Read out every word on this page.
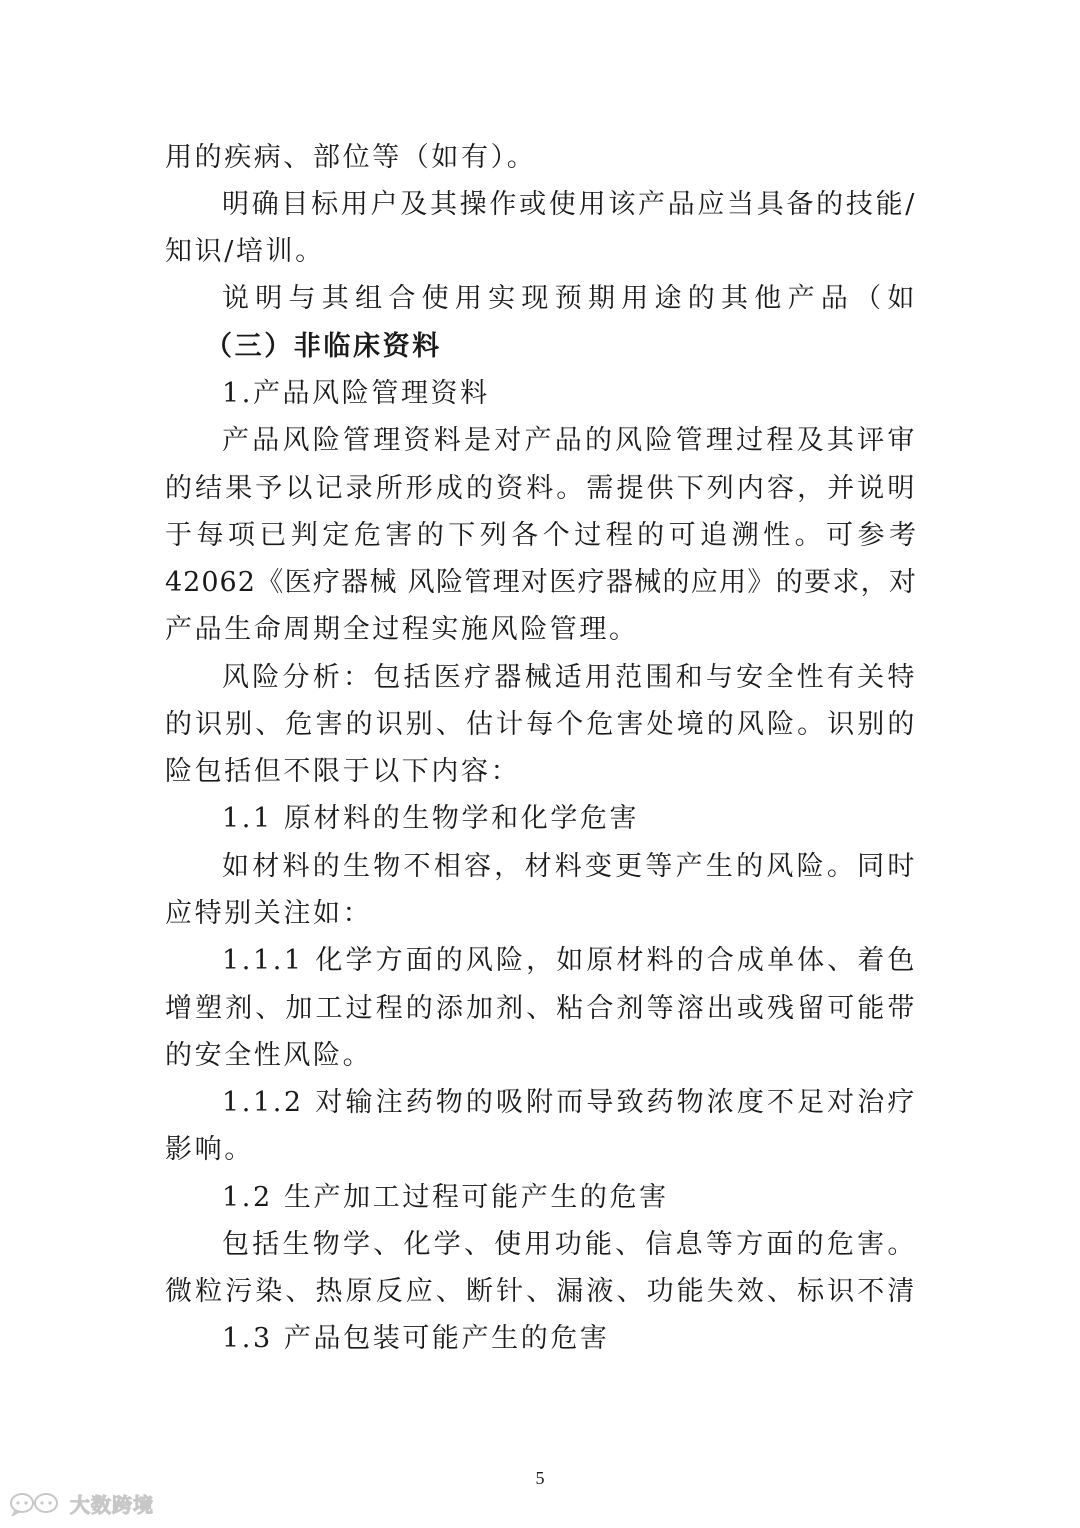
用的疾病、部位等（如有）。
明确目标用户及其操作或使用该产品应当具备的技能/
知识/培训。
说明与其组合使用实现预期用途的其他产品（如
（三）非临床资料
1.产品风险管理资料
产品风险管理资料是对产品的风险管理过程及其评审
的结果予以记录所形成的资料。需提供下列内容，并说明
于每项已判定危害的下列各个过程的可追溯性。可参考
42062《医疗器械 风险管理对医疗器械的应用》的要求，对
产品生命周期全过程实施风险管理。
风险分析：包括医疗器械适用范围和与安全性有关特
的识别、危害的识别、估计每个危害处境的风险。识别的
险包括但不限于以下内容：
1.1 原材料的生物学和化学危害
如材料的生物不相容，材料变更等产生的风险。同时
应特别关注如：
1.1.1 化学方面的风险，如原材料的合成单体、着色
增塑剂、加工过程的添加剂、粘合剂等溶出或残留可能带
的安全性风险。
1.1.2 对输注药物的吸附而导致药物浓度不足对治疗
影响。
1.2 生产加工过程可能产生的危害
包括生物学、化学、使用功能、信息等方面的危害。
微粒污染、热原反应、断针、漏液、功能失效、标识不清
1.3 产品包装可能产生的危害
5
大数跨境
